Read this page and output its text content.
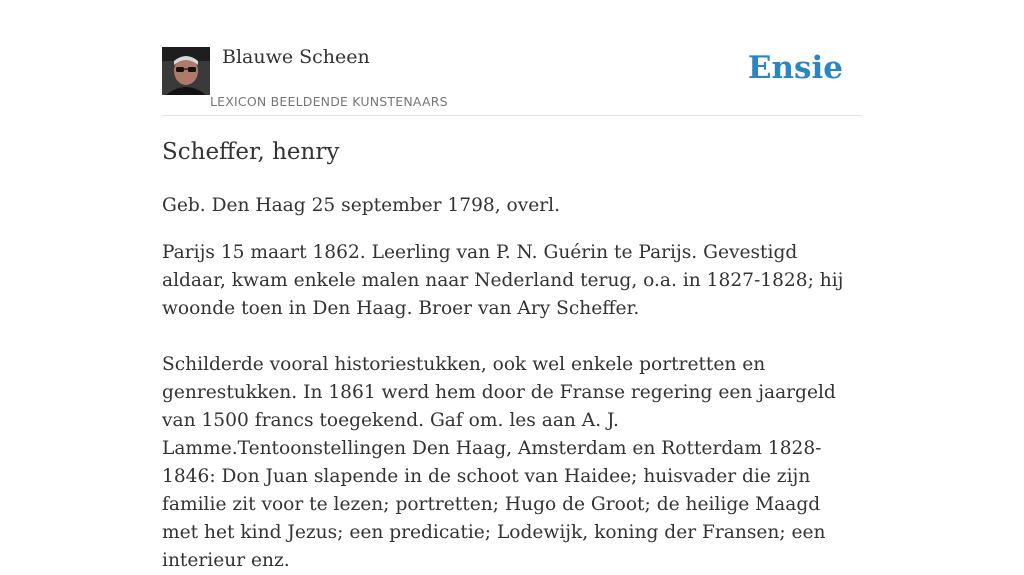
Blauwe Scheen
LEXICON BEELDENDE KUNSTENAARS
Ensie
Scheffer, henry

Geb. Den Haag 25 september 1798, overl.

Parijs 15 maart 1862. Leerling van P. N. Guérin te Parijs. Gevestigd aldaar, kwam enkele malen naar Nederland terug, o.a. in 1827-1828; hij woonde toen in Den Haag. Broer van Ary Scheffer.

Schilderde vooral historiestukken, ook wel enkele portretten en genrestukken. In 1861 werd hem door de Franse regering een jaargeld van 1500 francs toegekend. Gaf om. les aan A. J. Lamme.Tentoonstellingen Den Haag, Amsterdam en Rotterdam 1828-1846: Don Juan slapende in de schoot van Haidee; huisvader die zijn familie zit voor te lezen; portretten; Hugo de Groot; de heilige Maagd met het kind Jezus; een predicatie; Lodewijk, koning der Fransen; een interieur enz.
